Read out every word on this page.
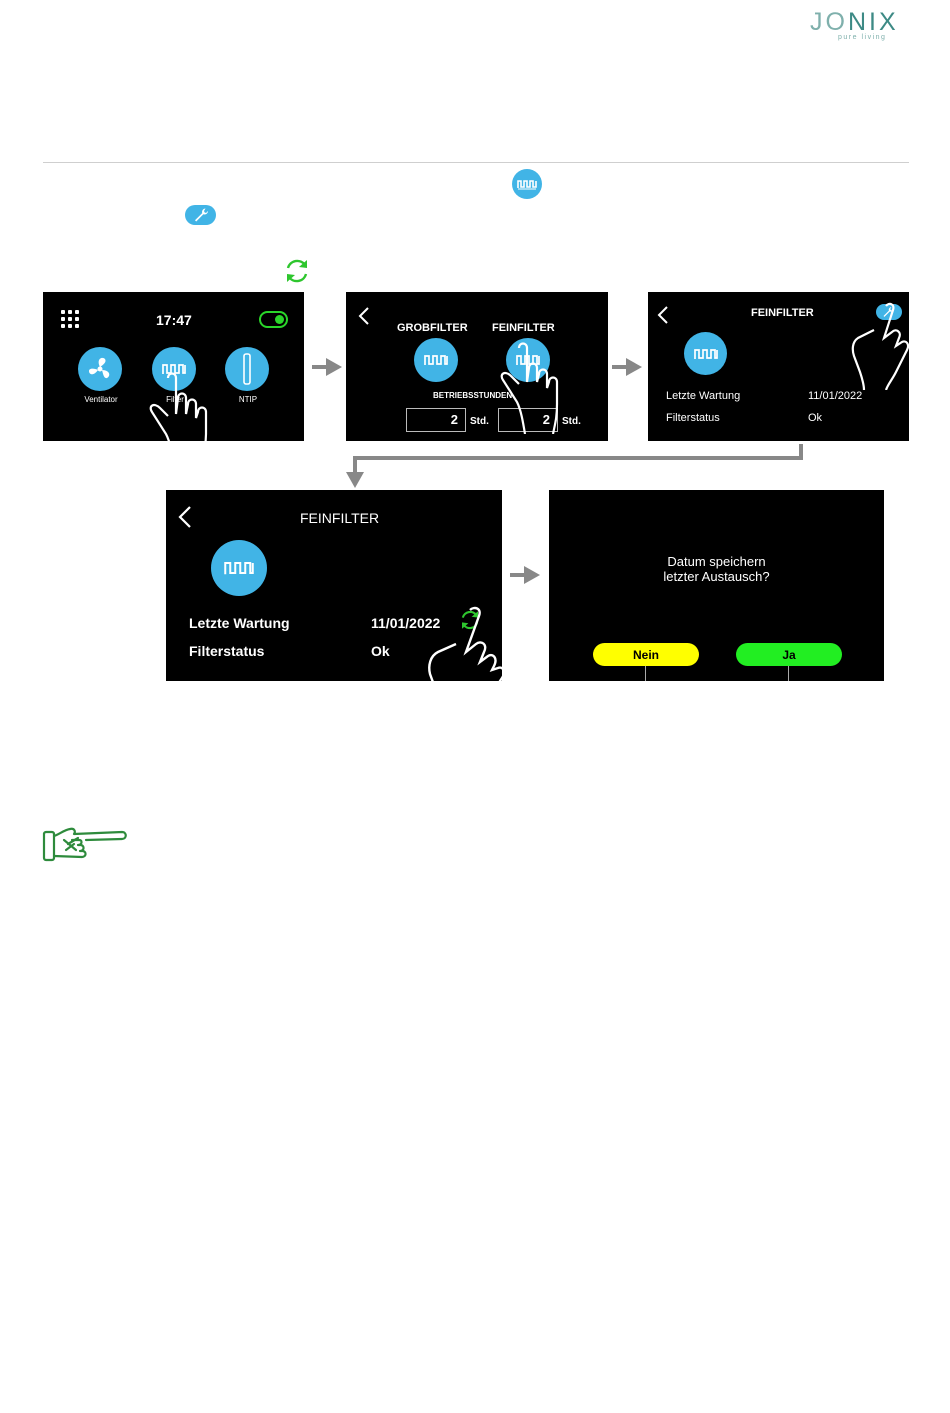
JONIX
pure living
17:47
Ventilator	Filter	NTIP
GROBFILTER FEINFILTER
BETRIEBSSTUNDEN
2	Std.	2	Std.
FEINFILTER
Letzte Wartung	11/01/2022
Filterstatus	Ok
FEINFILTER
Letzte Wartung	11/01/2022
Filterstatus	Ok
Datum speichern
letzter Austausch?
Nein	Ja
